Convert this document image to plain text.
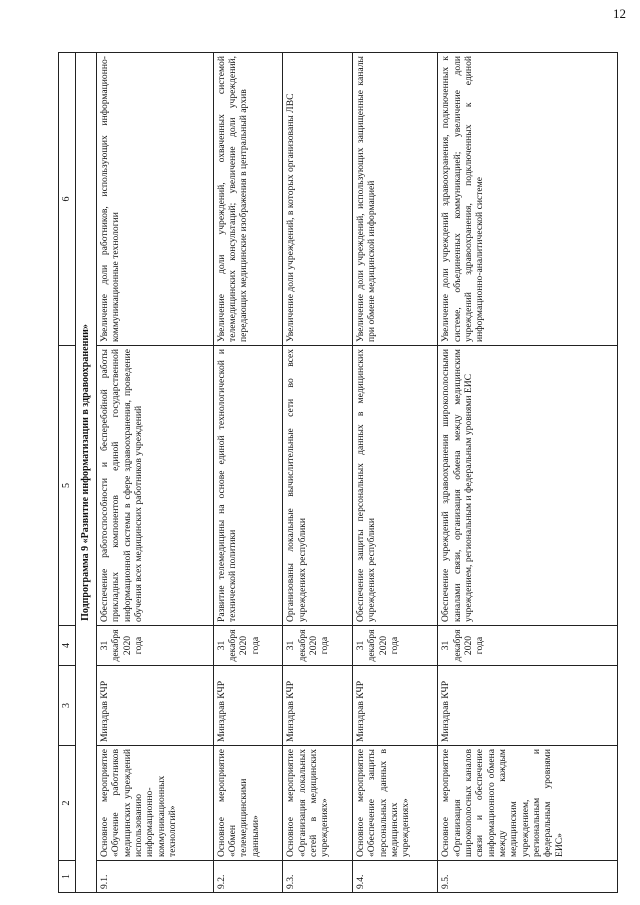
12
1	2	3	4	5	6
Подпрограмма 9 «Развитие информатизации в здравоохранении»					
9.1.	Основное мероприятие «Обучение работников медицинских учреждений использованию информационно-коммуникационных технологий»	Минздрав КЧР	31 декабря 2020 года	Обеспечение работоспособности и бесперебойной работы прикладных компонентов единой государственной информационной системы в сфере здравоохранения, проведение обучения всех медицинских работников учреждений	Увеличение доли работников, использующих информационно-коммуникационные технологии
9.2.	Основное мероприятие «Обмен телемедицинскими данными»	Минздрав КЧР	31 декабря 2020 года	Развитие телемедицины на основе единой технологической и технической политики	Увеличение доли учреждений, охваченных системой телемедицинских консультаций; увеличение доли учреждений, передающих медицинские изображения в центральный архив
9.3.	Основное мероприятие «Организация локальных сетей в медицинских учреждениях»	Минздрав КЧР	31 декабря 2020 года	Организованы локальные вычислительные сети во всех учреждениях республики	Увеличение доли учреждений, в которых организованы ЛВС
9.4.	Основное мероприятие «Обеспечение защиты персональных данных в медицинских учреждениях»	Минздрав КЧР	31 декабря 2020 года	Обеспечение защиты персональных данных в медицинских учреждениях республики	Увеличение доли учреждений, использующих защищенные каналы при обмене медицинской информацией
9.5.	Основное мероприятие «Организация широкополосных каналов связи и обеспечение информационного обмена между каждым медицинским учреждением, региональным и федеральным уровнями ЕИС»	Минздрав КЧР	31 декабря 2020 года	Обеспечение учреждений здравоохранения широкополосными каналами связи, организация обмена между медицинским учреждением, региональным и федеральным уровнями ЕИС	Увеличение доли учреждений здравоохранения, подключенных к системе, объединенных коммуникацией; увеличение доли учреждений здравоохранения, подключенных к единой информационно-аналитической системе
